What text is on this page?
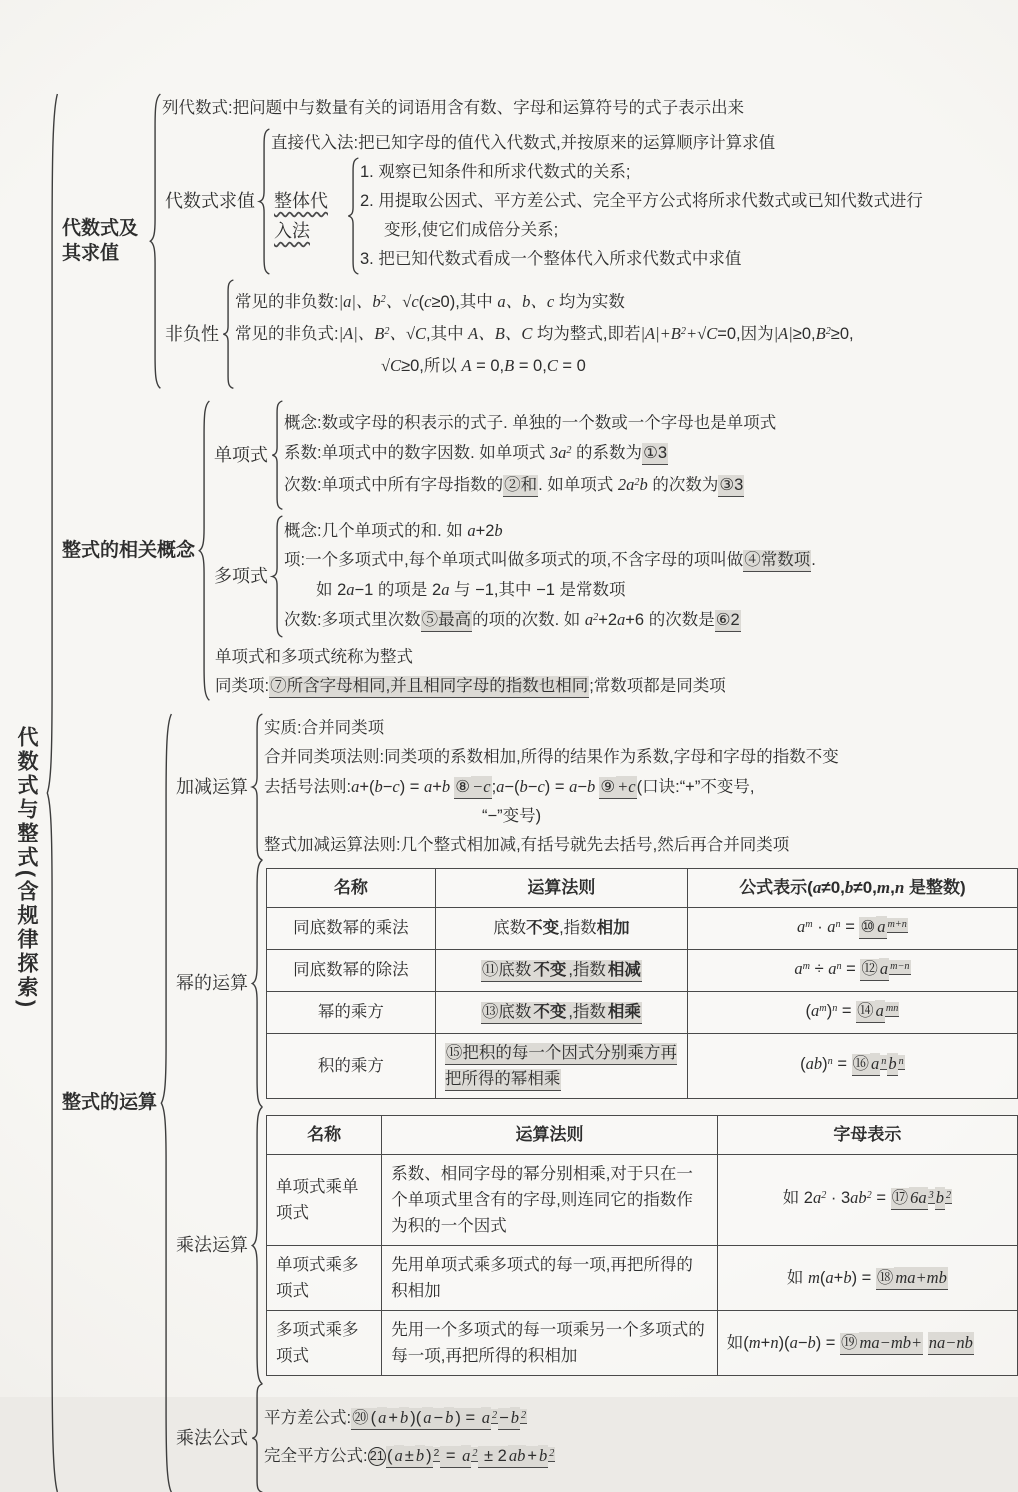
代数式与整式(含规律探索)
代数式及其求值
列代数式:把问题中与数量有关的词语用含有数、字母和运算符号的式子表示出来
代数式求值
直接代入法:把已知字母的值代入代数式,并按原来的运算顺序计算求值
整体代入法
1. 观察已知条件和所求代数式的关系;
2. 用提取公因式、平方差公式、完全平方公式将所求代数式或已知代数式进行
变形,使它们成倍分关系;
3. 把已知代数式看成一个整体代入所求代数式中求值
非负性
常见的非负数:|a|、$b^2$、√c(c≥0),其中 a、b、c 均为实数
常见的非负式:|A|、$B^2$、√C,其中 A、B、C 均为整式,即若$|A|+B^2+√C=0$,因为$|A|\ge 0,B^2\ge 0$,
√C≥0,所以 A = 0,B = 0,C = 0
整式的相关概念
单项式
概念:数或字母的积表示的式子. 单独的一个数或一个字母也是单项式
系数:单项式中的数字因数. 如单项式 $3a^2$ 的系数为①3
次数:单项式中所有字母指数的②和. 如单项式 $2a^2b$ 的次数为③3
多项式
概念:几个单项式的和. 如 a+2b
项:一个多项式中,每个单项式叫做多项式的项,不含字母的项叫做④常数项.
如 2a−1 的项是 2a 与 −1,其中 −1 是常数项
次数:多项式里次数⑤最高的项的次数. 如 $a^2+2a+6$ 的次数是⑥2
单项式和多项式统称为整式
同类项:⑦所含字母相同,并且相同字母的指数也相同;常数项都是同类项
整式的运算
加减运算
实质:合并同类项
合并同类项法则:同类项的系数相加,所得的结果作为系数,字母和字母的指数不变
去括号法则:a+(b−c) = a+b ⑧ −c;a−(b−c) = a−b ⑨ +c(口诀:“+”不变号,
“−”变号)
整式加减运算法则:几个整式相加减,有括号就先去括号,然后再合并同类项
幂的运算
名称	运算法则	公式表示(a≠0,b≠0,m,n 是整数)
同底数幂的乘法	底数不变,指数相加	$a^m \cdot a^n$ = ⑩ a $^{m+n}$
同底数幂的除法	⑪底数 不变 ,指数 相减	$a^m \div a^n$ = ⑫ a $^{m-n}$
幂的乘方	⑬底数 不变 ,指数 相乘	$(a^m)^n$ = ⑭ a $^{mn}$
积的乘方	⑮把积的每一个因式分别乘方再把所得的幂相乘	(ab)$^n$ = ⑯ a $^n$ b $^n$
乘法运算
名称	运算法则	字母表示
单项式乘单项式	系数、相同字母的幂分别相乘,对于只在一个单项式里含有的字母,则连同它的指数作为积的一个因式	如 $2a^2 \cdot 3ab^2$ = ⑰ 6a $^3$ b $^2$
单项式乘多项式	先用单项式乘多项式的每一项,再把所得的积相加	如 m(a+b) = ⑱ ma+mb
多项式乘多项式	先用一个多项式的每一项乘另一个多项式的每一项,再把所得的积相加	如(m+n)(a−b) = ⑲ ma−mb+ na−nb
乘法公式
平方差公式:⑳ ( a + b )( a − b ) = a $^2$ − b $^2$
完全平方公式: 21 ( a ± b ) $^2$ = a $^2$ ± 2 ab + b $^2$
